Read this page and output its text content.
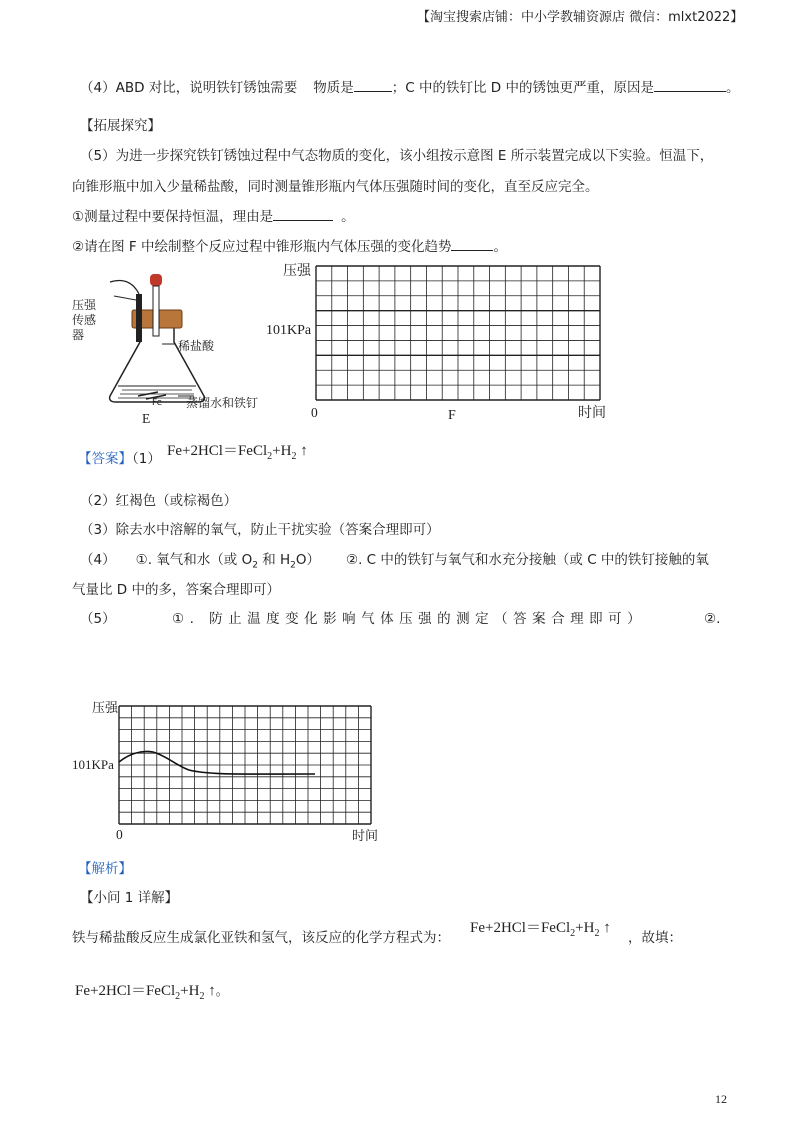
【淘宝搜索店铺：中小学教辅资源店 微信：mlxt2022】
（4）ABD 对比，说明铁钉锈蚀需要 物质是	；C 中的铁钉比 D 中的锈蚀更严重，原因是	。
【拓展探究】
（5）为进一步探究铁钉锈蚀过程中气态物质的变化，该小组按示意图 E 所示装置完成以下实验。恒温下，
向锥形瓶中加入少量稀盐酸，同时测量锥形瓶内气体压强随时间的变化，直至反应完全。
①测量过程中要保持恒温，理由是	。
②请在图 F 中绘制整个反应过程中锥形瓶内气体压强的变化趋势	。
压强传感器
稀盐酸
Fe 蒸馏水和铁钉
E
压强
101KPa
0	时间
F
【答案】（1） $Fe+2HCl=FeCl_2+H_2$ ↑
（2）红褐色（或棕褐色）
（3）除去水中溶解的氧气，防止干扰实验（答案合理即可）
（4） ①. 氧气和水（或 $O_2$ 和 $H_2O$） ②. C 中的铁钉与氧气和水充分接触（或 C 中的铁钉接触的氧
气量比 D 中的多，答案合理即可）
（5）	①. 防止温度变化影响气体压强的测定（答案合理即可）	②.
压强
101KPa
0	时间
【解析】
【小问 1 详解】
铁与稀盐酸反应生成氯化亚铁和氢气，该反应的化学方程式为：
$Fe+2HCl=FeCl_2+H_2$ ↑
，故填：
$Fe+2HCl=FeCl_2+H_2$ ↑。
12
